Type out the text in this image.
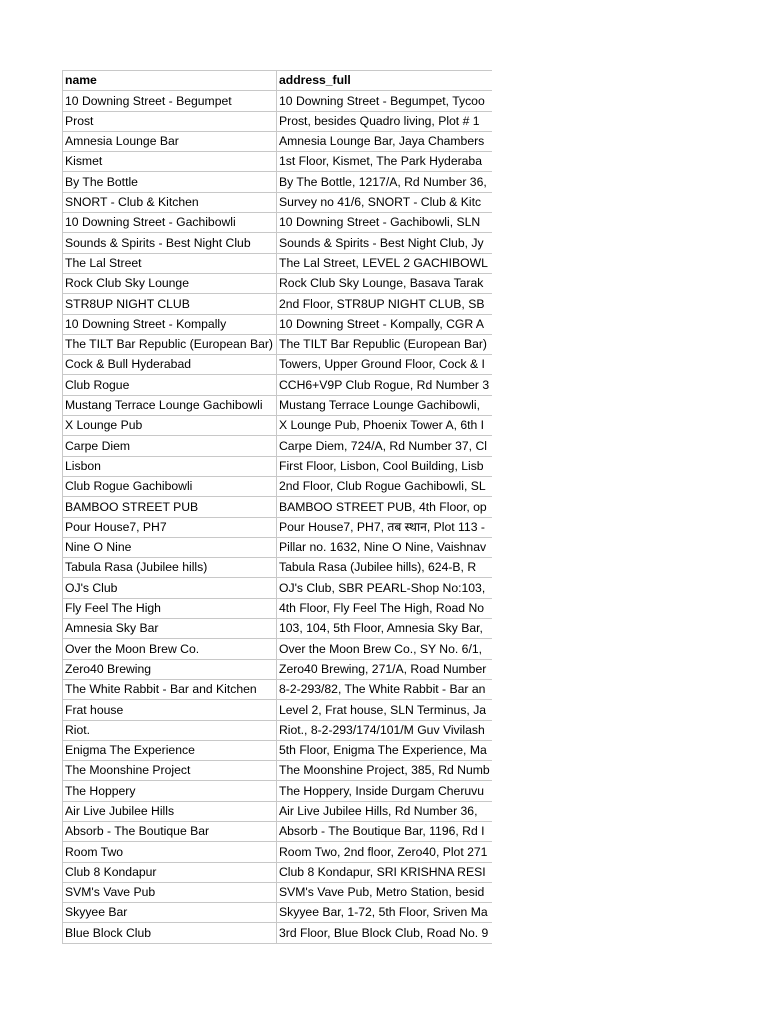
name	address_full
10 Downing Street - Begumpet	10 Downing Street - Begumpet, Tycoo
Prost	Prost, besides Quadro living, Plot # 1
Amnesia Lounge Bar	Amnesia Lounge Bar, Jaya Chambers
Kismet	1st Floor, Kismet, The Park Hyderaba
By The Bottle	By The Bottle, 1217/A, Rd Number 36,
SNORT - Club & Kitchen	Survey no 41/6, SNORT - Club & Kitc
10 Downing Street - Gachibowli	10 Downing Street - Gachibowli, SLN
Sounds & Spirits - Best Night Club	Sounds & Spirits - Best Night Club, Jy
The Lal Street	The Lal Street, LEVEL 2 GACHIBOWL
Rock Club Sky Lounge	Rock Club Sky Lounge, Basava Tarak
STR8UP NIGHT CLUB	2nd Floor, STR8UP NIGHT CLUB, SB
10 Downing Street - Kompally	10 Downing Street - Kompally, CGR A
The TILT Bar Republic (European Bar)	The TILT Bar Republic (European Bar)
Cock & Bull Hyderabad	Towers, Upper Ground Floor, Cock & I
Club Rogue	CCH6+V9P Club Rogue, Rd Number 3
Mustang Terrace Lounge Gachibowli	Mustang Terrace Lounge Gachibowli,
X Lounge Pub	X Lounge Pub, Phoenix Tower A, 6th I
Carpe Diem	Carpe Diem, 724/A, Rd Number 37, Cl
Lisbon	First Floor, Lisbon, Cool Building, Lisb
Club Rogue Gachibowli	2nd Floor, Club Rogue Gachibowli, SL
BAMBOO STREET PUB	BAMBOO STREET PUB, 4th Floor, op
Pour House7, PH7	Pour House7, PH7, तब स्थान, Plot 113 -
Nine O Nine	Pillar no. 1632, Nine O Nine, Vaishnav
Tabula Rasa (Jubilee hills)	Tabula Rasa (Jubilee hills), 624-B, R
OJ's Club	OJ's Club, SBR PEARL-Shop No:103,
Fly Feel The High	4th Floor, Fly Feel The High, Road No
Amnesia Sky Bar	103, 104, 5th Floor, Amnesia Sky Bar,
Over the Moon Brew Co.	Over the Moon Brew Co., SY No. 6/1,
Zero40 Brewing	Zero40 Brewing, 271/A, Road Number
The White Rabbit - Bar and Kitchen	8-2-293/82, The White Rabbit - Bar an
Frat house	Level 2, Frat house, SLN Terminus, Ja
Riot.	Riot., 8-2-293/174/101/M Guv Vivilash
Enigma The Experience	5th Floor, Enigma The Experience, Ma
The Moonshine Project	The Moonshine Project, 385, Rd Numb
The Hoppery	The Hoppery, Inside Durgam Cheruvu
Air Live Jubilee Hills	Air Live Jubilee Hills, Rd Number 36,
Absorb - The Boutique Bar	Absorb - The Boutique Bar, 1196, Rd I
Room Two	Room Two, 2nd floor, Zero40, Plot 271
Club 8 Kondapur	Club 8 Kondapur, SRI KRISHNA RESI
SVM's Vave Pub	SVM's Vave Pub, Metro Station, besid
Skyyee Bar	Skyyee Bar, 1-72, 5th Floor, Sriven Ma
Blue Block Club	3rd Floor, Blue Block Club, Road No. 9
